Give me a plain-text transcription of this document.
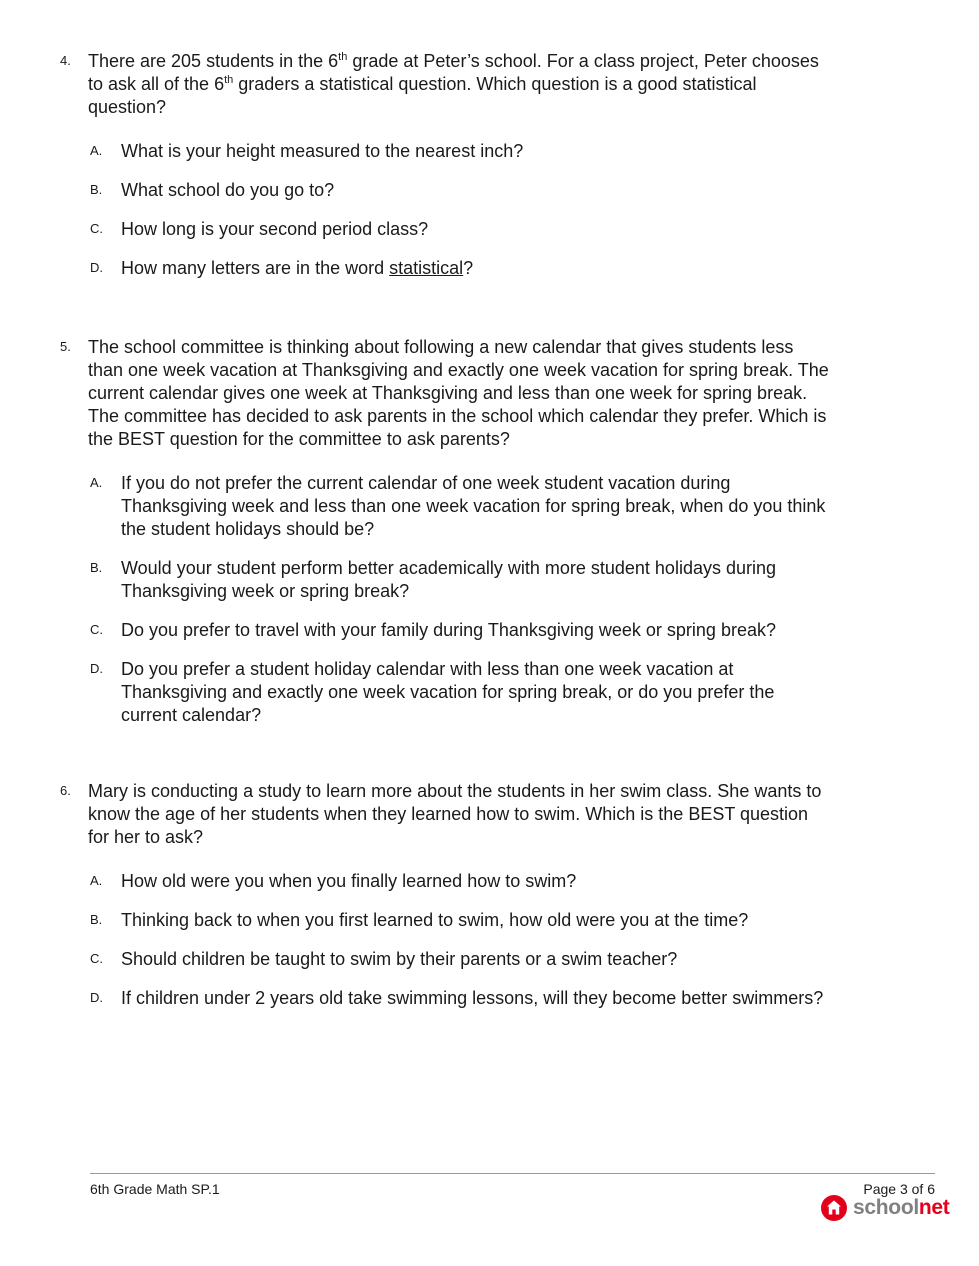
4. There are 205 students in the 6th grade at Peter’s school. For a class project, Peter chooses to ask all of the 6th graders a statistical question. Which question is a good statistical question?
A. What is your height measured to the nearest inch?
B. What school do you go to?
C. How long is your second period class?
D. How many letters are in the word statistical?
5. The school committee is thinking about following a new calendar that gives students less than one week vacation at Thanksgiving and exactly one week vacation for spring break. The current calendar gives one week at Thanksgiving and less than one week for spring break. The committee has decided to ask parents in the school which calendar they prefer. Which is the BEST question for the committee to ask parents?
A. If you do not prefer the current calendar of one week student vacation during Thanksgiving week and less than one week vacation for spring break, when do you think the student holidays should be?
B. Would your student perform better academically with more student holidays during Thanksgiving week or spring break?
C. Do you prefer to travel with your family during Thanksgiving week or spring break?
D. Do you prefer a student holiday calendar with less than one week vacation at Thanksgiving and exactly one week vacation for spring break, or do you prefer the current calendar?
6. Mary is conducting a study to learn more about the students in her swim class. She wants to know the age of her students when they learned how to swim. Which is the BEST question for her to ask?
A. How old were you when you finally learned how to swim?
B. Thinking back to when you first learned to swim, how old were you at the time?
C. Should children be taught to swim by their parents or a swim teacher?
D. If children under 2 years old take swimming lessons, will they become better swimmers?
6th Grade Math SP.1	Page 3 of 6
schoolnet
